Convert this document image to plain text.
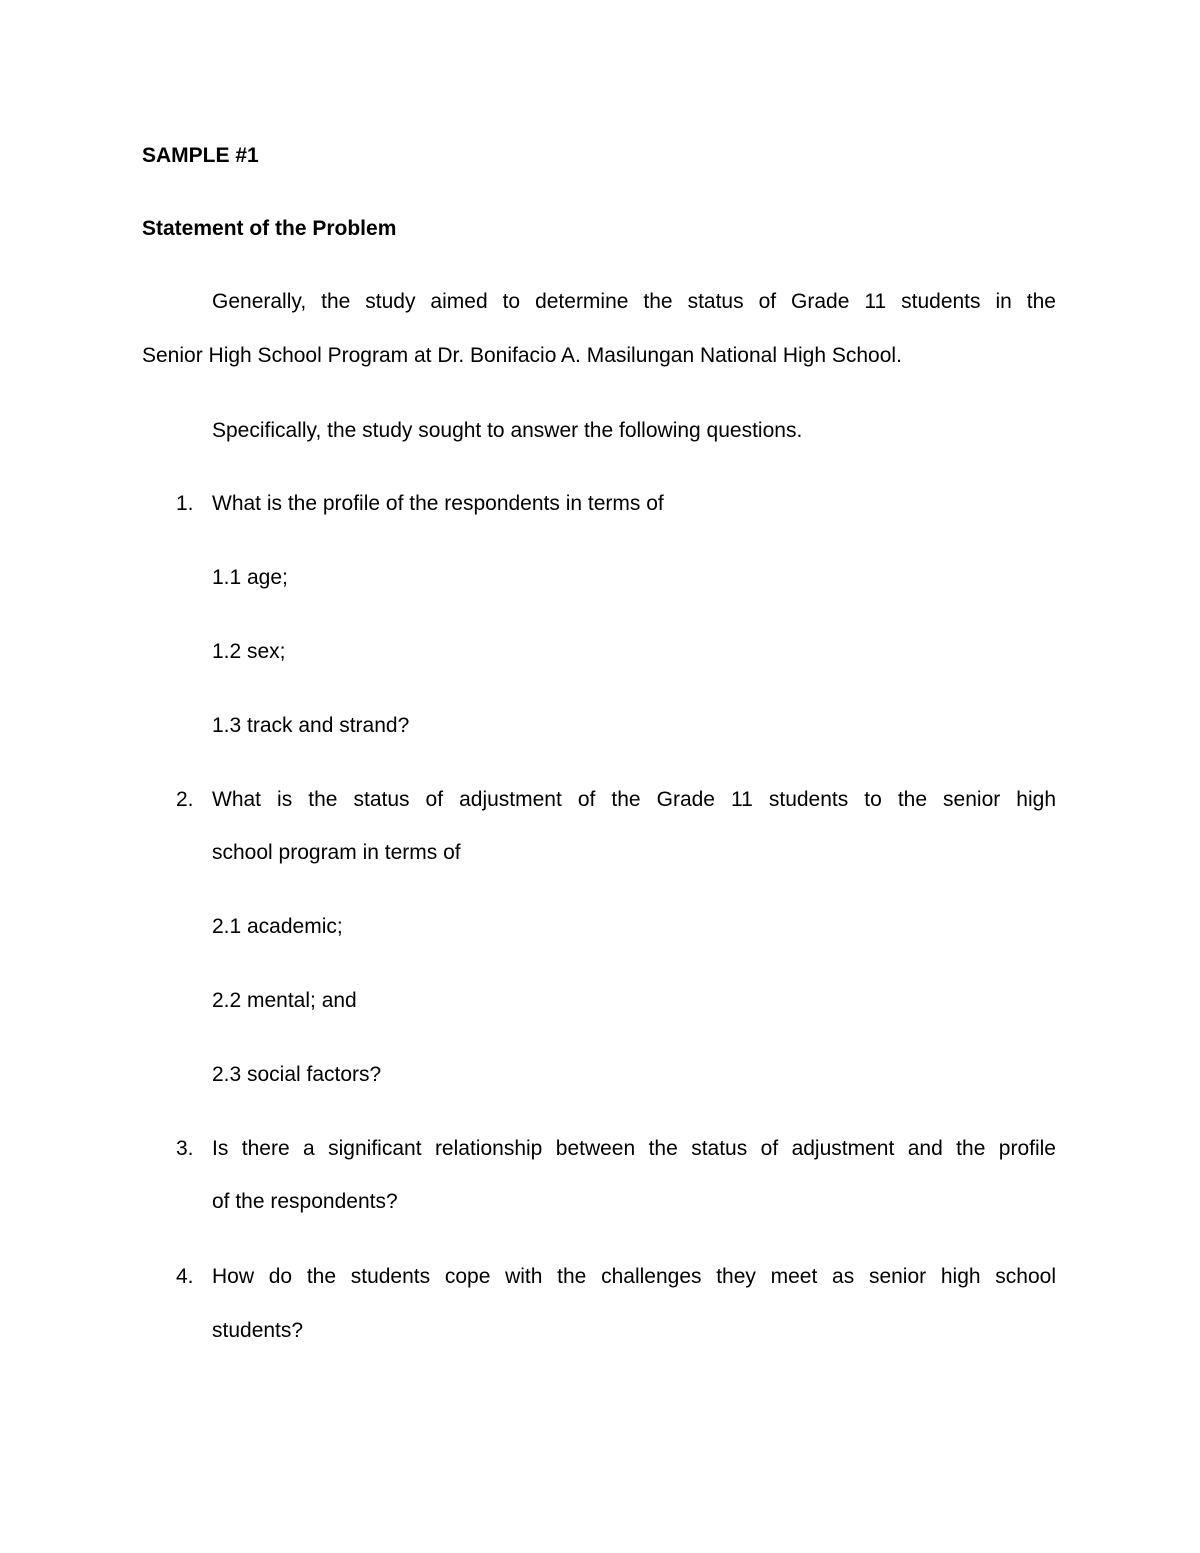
SAMPLE #1
Statement of the Problem
Generally, the study aimed to determine the status of Grade 11 students in the
Senior High School Program at Dr. Bonifacio A. Masilungan National High School.
Specifically, the study sought to answer the following questions.
1. What is the profile of the respondents in terms of
1.1 age;
1.2 sex;
1.3 track and strand?
2. What is the status of adjustment of the Grade 11 students to the senior high
school program in terms of
2.1 academic;
2.2 mental; and
2.3 social factors?
3. Is there a significant relationship between the status of adjustment and the profile
of the respondents?
4. How do the students cope with the challenges they meet as senior high school
students?
